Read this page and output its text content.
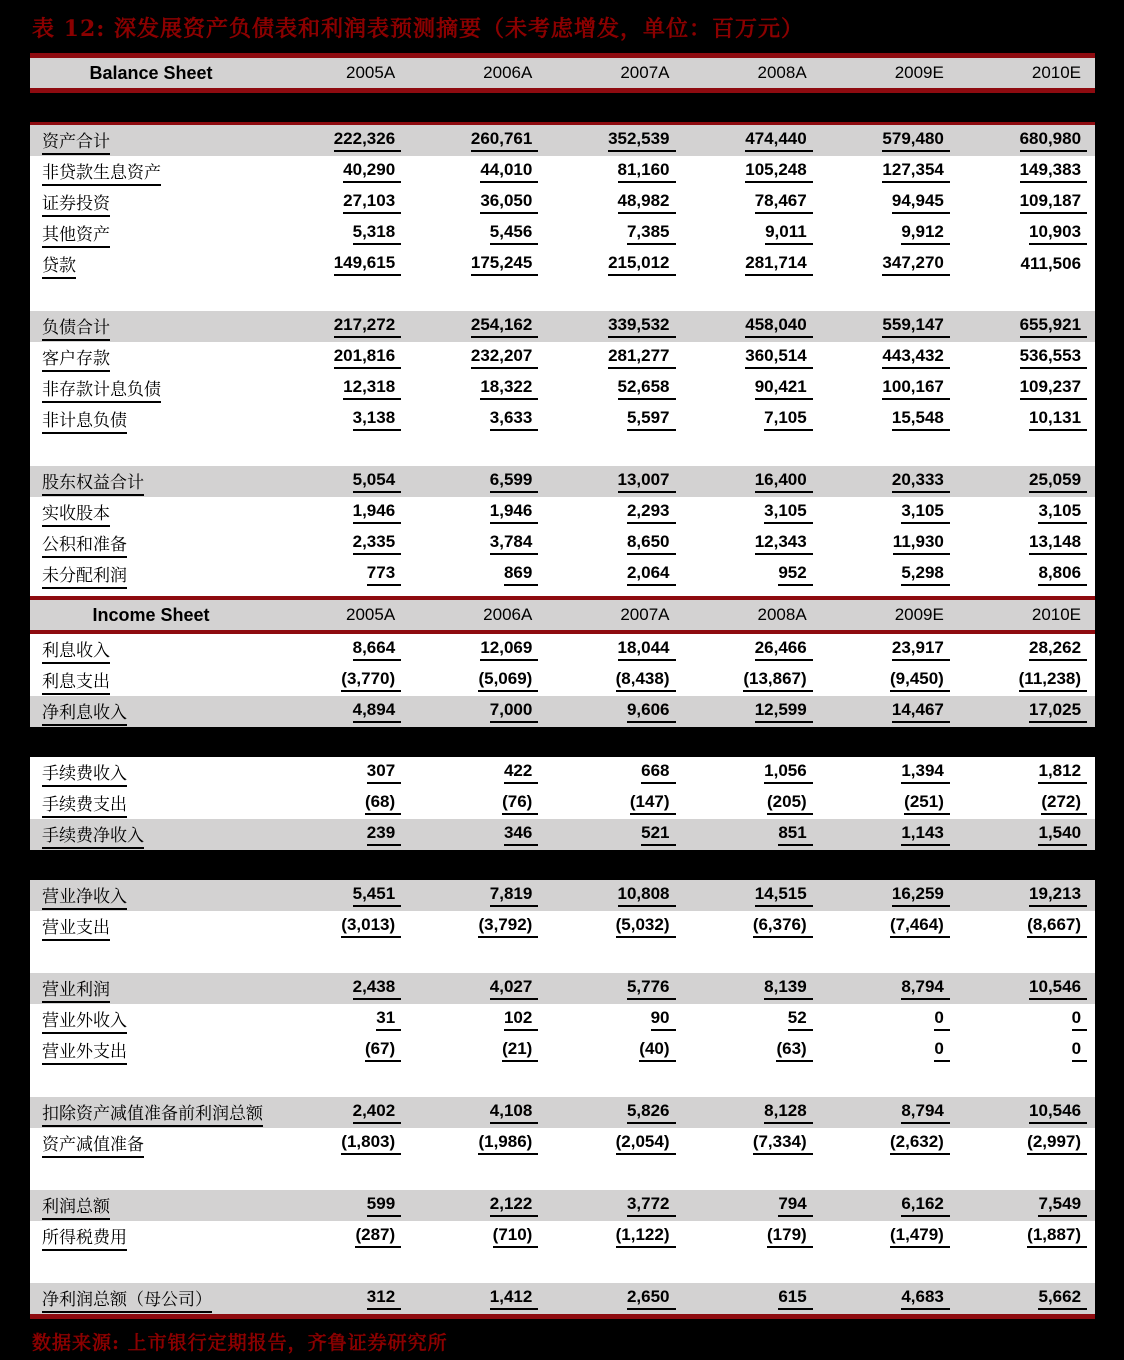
表 12: 深发展资产负债表和利润表预测摘要（未考虑增发，单位：百万元）
Balance Sheet	2005A	2006A	2007A	2008A	2009E	2010E
资产合计	222,326	260,761	352,539	474,440	579,480	680,980
非贷款生息资产	40,290	44,010	81,160	105,248	127,354	149,383
证券投资	27,103	36,050	48,982	78,467	94,945	109,187
其他资产	5,318	5,456	7,385	9,011	9,912	10,903
贷款	149,615	175,245	215,012	281,714	347,270	411,506
负债合计	217,272	254,162	339,532	458,040	559,147	655,921
客户存款	201,816	232,207	281,277	360,514	443,432	536,553
非存款计息负债	12,318	18,322	52,658	90,421	100,167	109,237
非计息负债	3,138	3,633	5,597	7,105	15,548	10,131
股东权益合计	5,054	6,599	13,007	16,400	20,333	25,059
实收股本	1,946	1,946	2,293	3,105	3,105	3,105
公积和准备	2,335	3,784	8,650	12,343	11,930	13,148
未分配利润	773	869	2,064	952	5,298	8,806
Income Sheet	2005A	2006A	2007A	2008A	2009E	2010E
利息收入	8,664	12,069	18,044	26,466	23,917	28,262
利息支出	(3,770)	(5,069)	(8,438)	(13,867)	(9,450)	(11,238)
净利息收入	4,894	7,000	9,606	12,599	14,467	17,025
手续费收入	307	422	668	1,056	1,394	1,812
手续费支出	(68)	(76)	(147)	(205)	(251)	(272)
手续费净收入	239	346	521	851	1,143	1,540
营业净收入	5,451	7,819	10,808	14,515	16,259	19,213
营业支出	(3,013)	(3,792)	(5,032)	(6,376)	(7,464)	(8,667)
营业利润	2,438	4,027	5,776	8,139	8,794	10,546
营业外收入	31	102	90	52	0	0
营业外支出	(67)	(21)	(40)	(63)	0	0
扣除资产减值准备前利润总额	2,402	4,108	5,826	8,128	8,794	10,546
资产减值准备	(1,803)	(1,986)	(2,054)	(7,334)	(2,632)	(2,997)
利润总额	599	2,122	3,772	794	6,162	7,549
所得税费用	(287)	(710)	(1,122)	(179)	(1,479)	(1,887)
净利润总额（母公司）	312	1,412	2,650	615	4,683	5,662
数据来源: 上市银行定期报告，齐鲁证券研究所
